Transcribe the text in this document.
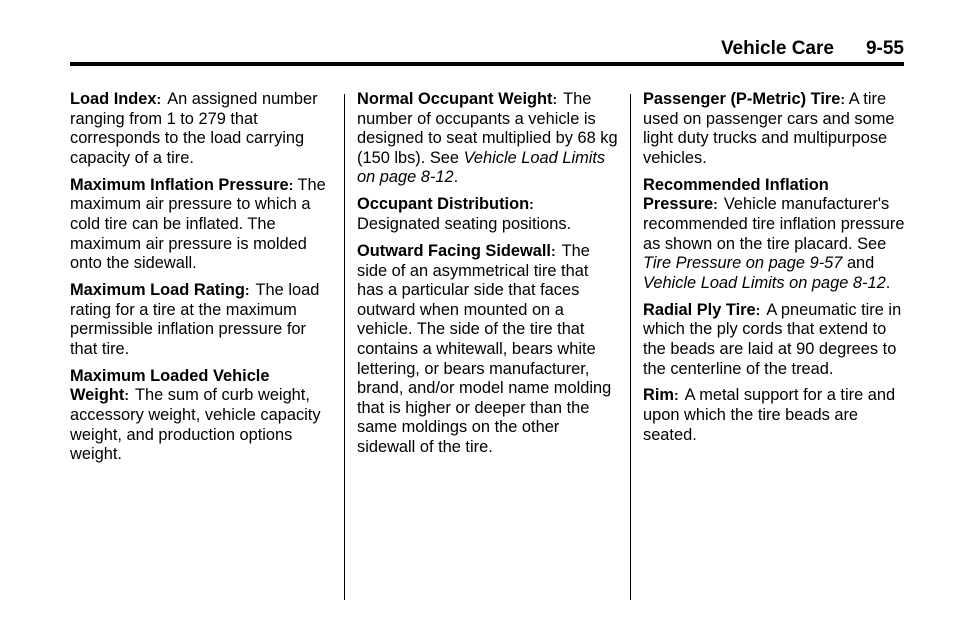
Vehicle Care 9-55

Load Index: An assigned number ranging from 1 to 279 that corresponds to the load carrying capacity of a tire.

Maximum Inflation Pressure: The maximum air pressure to which a cold tire can be inflated. The maximum air pressure is molded onto the sidewall.

Maximum Load Rating: The load rating for a tire at the maximum permissible inflation pressure for that tire.

Maximum Loaded Vehicle Weight: The sum of curb weight, accessory weight, vehicle capacity weight, and production options weight.

Normal Occupant Weight: The number of occupants a vehicle is designed to seat multiplied by 68 kg (150 lbs). See Vehicle Load Limits on page 8-12.

Occupant Distribution: Designated seating positions.

Outward Facing Sidewall: The side of an asymmetrical tire that has a particular side that faces outward when mounted on a vehicle. The side of the tire that contains a whitewall, bears white lettering, or bears manufacturer, brand, and/or model name molding that is higher or deeper than the same moldings on the other sidewall of the tire.

Passenger (P-Metric) Tire: A tire used on passenger cars and some light duty trucks and multipurpose vehicles.

Recommended Inflation Pressure: Vehicle manufacturer's recommended tire inflation pressure as shown on the tire placard. See Tire Pressure on page 9-57 and Vehicle Load Limits on page 8-12.

Radial Ply Tire: A pneumatic tire in which the ply cords that extend to the beads are laid at 90 degrees to the centerline of the tread.

Rim: A metal support for a tire and upon which the tire beads are seated.
